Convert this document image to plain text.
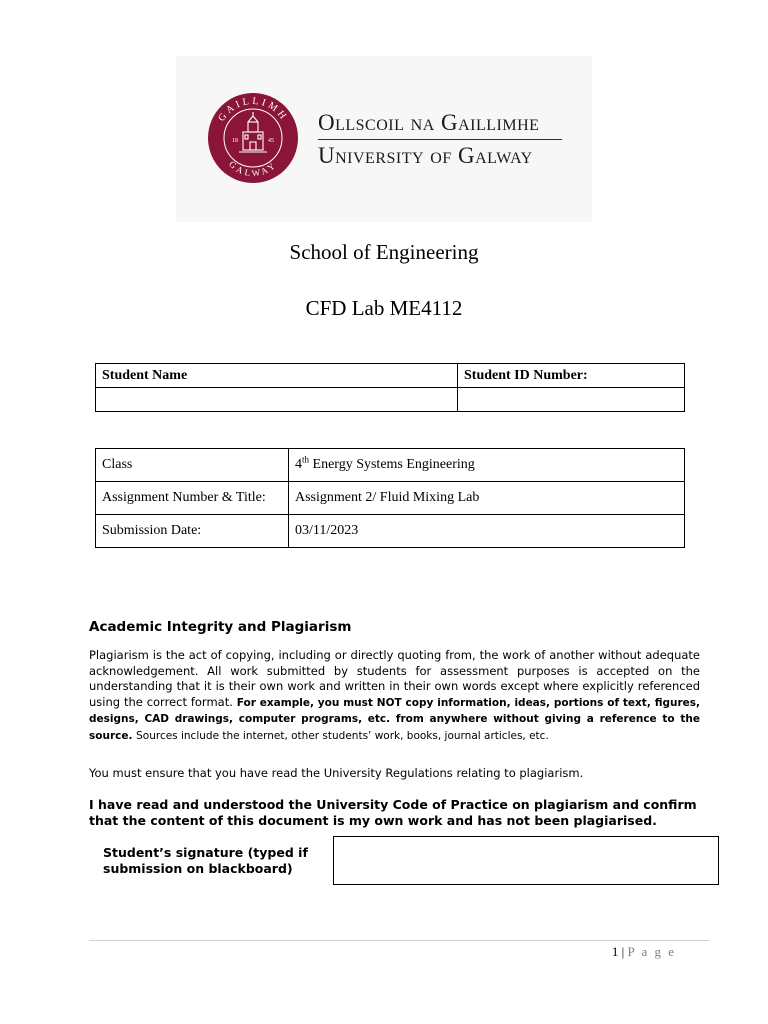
GAILLIMH
GALWAY
18	45
Ollscoil na Gaillimhe
University of Galway
School of Engineering
CFD Lab ME4112
Student Name	Student ID Number:

Class	4th Energy Systems Engineering
Assignment Number & Title:	Assignment 2/ Fluid Mixing Lab
Submission Date:	03/11/2023
Academic Integrity and Plagiarism
Plagiarism is the act of copying, including or directly quoting from, the work of another without adequate acknowledgement. All work submitted by students for assessment purposes is accepted on the understanding that it is their own work and written in their own words except where explicitly referenced using the correct format. For example, you must NOT copy information, ideas, portions of text, figures, designs, CAD drawings, computer programs, etc. from anywhere without giving a reference to the source. Sources include the internet, other students’ work, books, journal articles, etc.
You must ensure that you have read the University Regulations relating to plagiarism.
I have read and understood the University Code of Practice on plagiarism and confirm that the content of this document is my own work and has not been plagiarised.
Student’s signature (typed if submission on blackboard)
1 | P a g e
